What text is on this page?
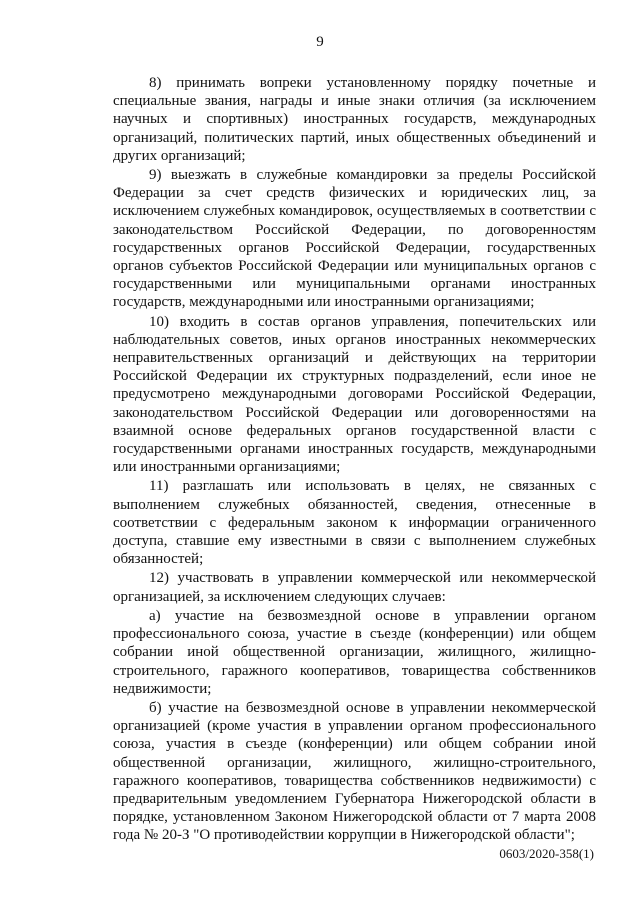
9

8) принимать вопреки установленному порядку почетные и специальные звания, награды и иные знаки отличия (за исключением научных и спортивных) иностранных государств, международных организаций, политических партий, иных общественных объединений и других организаций;

9) выезжать в служебные командировки за пределы Российской Федерации за счет средств физических и юридических лиц, за исключением служебных командировок, осуществляемых в соответствии с законодательством Российской Федерации, по договоренностям государственных органов Российской Федерации, государственных органов субъектов Российской Федерации или муниципальных органов с государственными или муниципальными органами иностранных государств, международными или иностранными организациями;

10) входить в состав органов управления, попечительских или наблюдательных советов, иных органов иностранных некоммерческих неправительственных организаций и действующих на территории Российской Федерации их структурных подразделений, если иное не предусмотрено международными договорами Российской Федерации, законодательством Российской Федерации или договоренностями на взаимной основе федеральных органов государственной власти с государственными органами иностранных государств, международными или иностранными организациями;

11) разглашать или использовать в целях, не связанных с выполнением служебных обязанностей, сведения, отнесенные в соответствии с федеральным законом к информации ограниченного доступа, ставшие ему известными в связи с выполнением служебных обязанностей;

12) участвовать в управлении коммерческой или некоммерческой организацией, за исключением следующих случаев:

а) участие на безвозмездной основе в управлении органом профессионального союза, участие в съезде (конференции) или общем собрании иной общественной организации, жилищного, жилищно-строительного, гаражного кооперативов, товарищества собственников недвижимости;

б) участие на безвозмездной основе в управлении некоммерческой организацией (кроме участия в управлении органом профессионального союза, участия в съезде (конференции) или общем собрании иной общественной организации, жилищного, жилищно-строительного, гаражного кооперативов, товарищества собственников недвижимости) с предварительным уведомлением Губернатора Нижегородской области в порядке, установленном Законом Нижегородской области от 7 марта 2008 года № 20-З "О противодействии коррупции в Нижегородской области";

0603/2020-358(1)
